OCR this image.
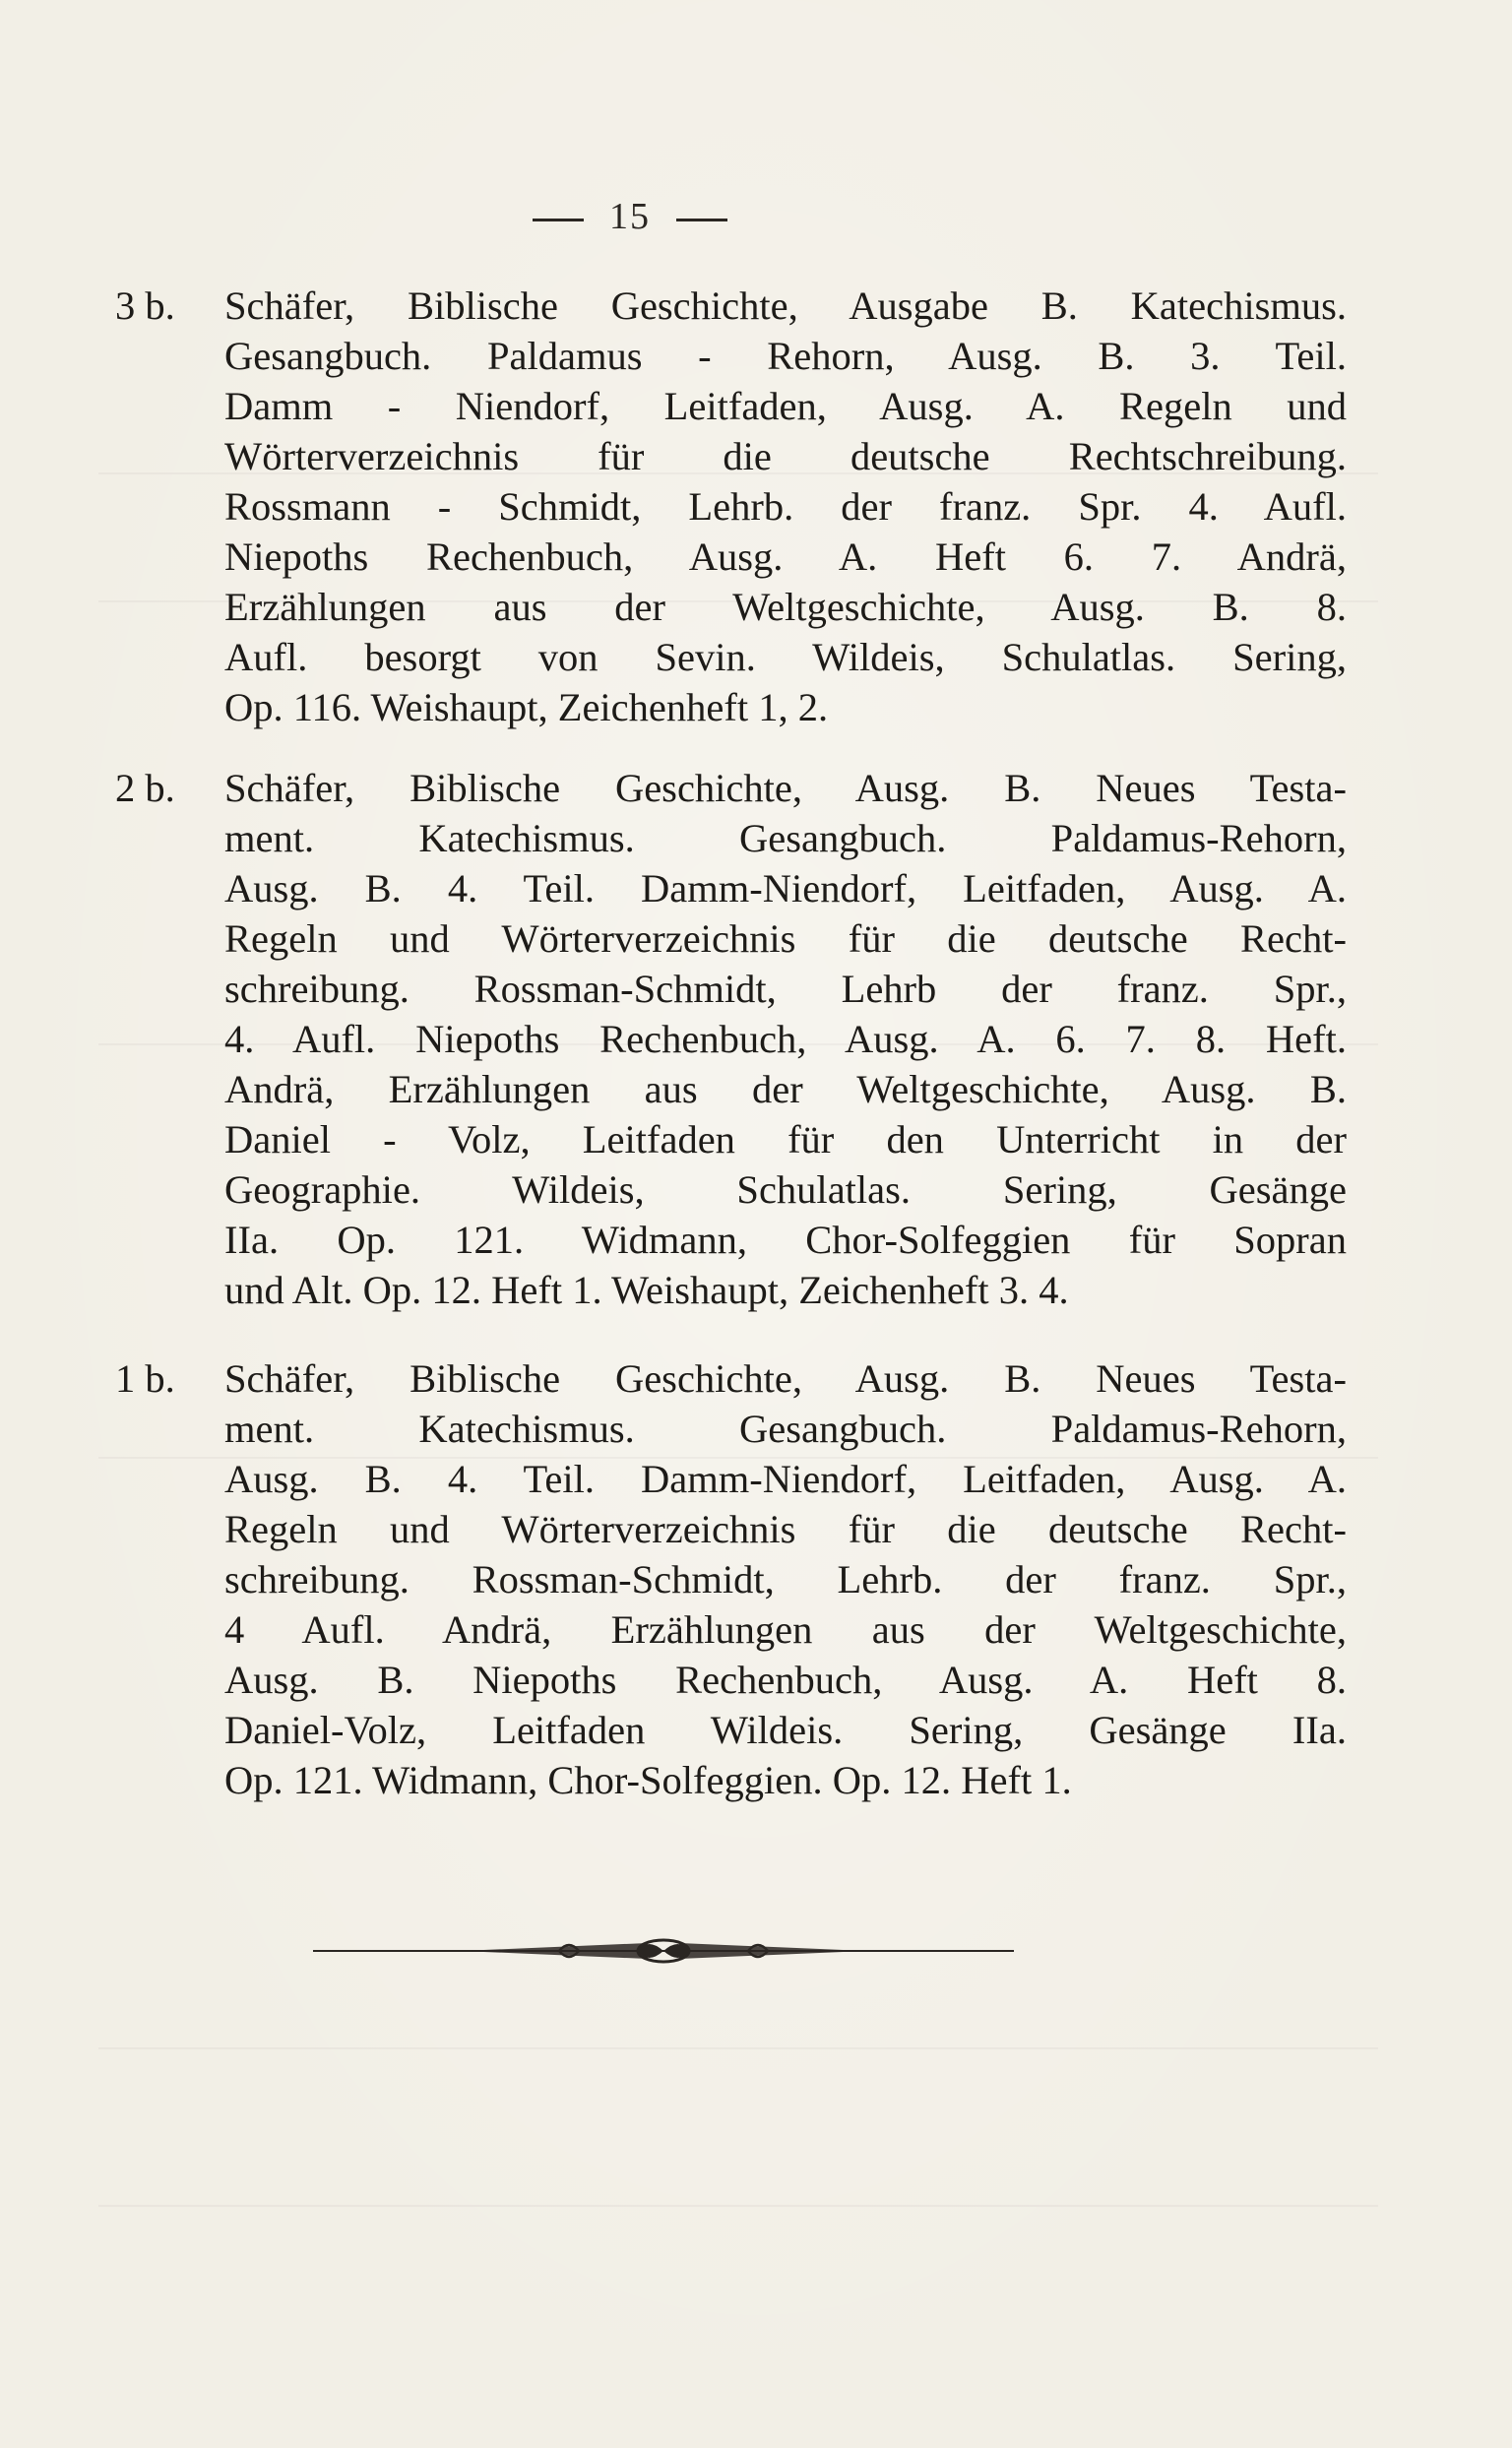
15
3 b.	Schäfer, Biblische Geschichte, Ausgabe B. Katechismus.
Gesangbuch. Paldamus - Rehorn, Ausg. B. 3. Teil.
Damm - Niendorf, Leitfaden, Ausg. A. Regeln und
Wörterverzeichnis für die deutsche Rechtschreibung.
Rossmann - Schmidt, Lehrb. der franz. Spr. 4. Aufl.
Niepoths Rechenbuch, Ausg. A. Heft 6. 7. Andrä,
Erzählungen aus der Weltgeschichte, Ausg. B. 8.
Aufl. besorgt von Sevin. Wildeis, Schulatlas. Sering,
Op. 116. Weishaupt, Zeichenheft 1, 2.
2 b.	Schäfer, Biblische Geschichte, Ausg. B. Neues Testa-
ment. Katechismus. Gesangbuch. Paldamus-Rehorn,
Ausg. B. 4. Teil. Damm-Niendorf, Leitfaden, Ausg. A.
Regeln und Wörterverzeichnis für die deutsche Recht-
schreibung. Rossman-Schmidt, Lehrb der franz. Spr.,
4. Aufl. Niepoths Rechenbuch, Ausg. A. 6. 7. 8. Heft.
Andrä, Erzählungen aus der Weltgeschichte, Ausg. B.
Daniel - Volz, Leitfaden für den Unterricht in der
Geographie. Wildeis, Schulatlas. Sering, Gesänge
IIa. Op. 121. Widmann, Chor-Solfeggien für Sopran
und Alt. Op. 12. Heft 1. Weishaupt, Zeichenheft 3. 4.
1 b.	Schäfer, Biblische Geschichte, Ausg. B. Neues Testa-
ment. Katechismus. Gesangbuch. Paldamus-Rehorn,
Ausg. B. 4. Teil. Damm-Niendorf, Leitfaden, Ausg. A.
Regeln und Wörterverzeichnis für die deutsche Recht-
schreibung. Rossman-Schmidt, Lehrb. der franz. Spr.,
4 Aufl. Andrä, Erzählungen aus der Weltgeschichte,
Ausg. B. Niepoths Rechenbuch, Ausg. A. Heft 8.
Daniel-Volz, Leitfaden Wildeis. Sering, Gesänge IIa.
Op. 121. Widmann, Chor-Solfeggien. Op. 12. Heft 1.
